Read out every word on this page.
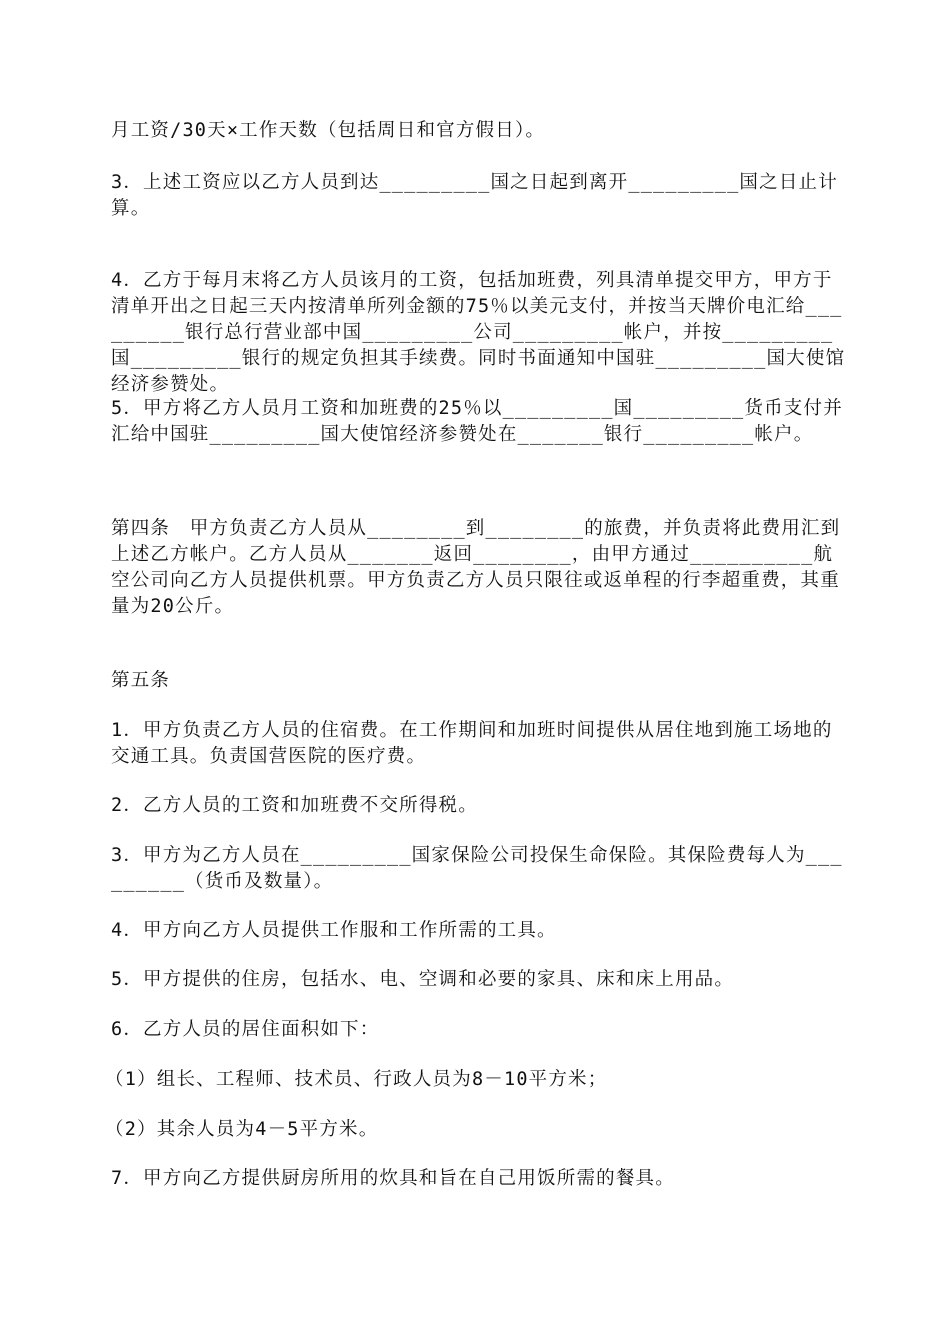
月工资/30天×工作天数（包括周日和官方假日）。

3．上述工资应以乙方人员到达_________国之日起到离开_________国之日止计算。

4．乙方于每月末将乙方人员该月的工资，包括加班费，列具清单提交甲方，甲方于清单开出之日起三天内按清单所列金额的75％以美元支付，并按当天牌价电汇给_________银行总行营业部中国_________公司_________帐户，并按_________国_________银行的规定负担其手续费。同时书面通知中国驻_________国大使馆经济参赞处。

5．甲方将乙方人员月工资和加班费的25％以_________国_________货币支付并汇给中国驻_________国大使馆经济参赞处在_______银行_________帐户。

第四条　甲方负责乙方人员从________到________的旅费，并负责将此费用汇到上述乙方帐户。乙方人员从_______返回________，由甲方通过__________航空公司向乙方人员提供机票。甲方负责乙方人员只限往或返单程的行李超重费，其重量为20公斤。

第五条

1．甲方负责乙方人员的住宿费。在工作期间和加班时间提供从居住地到施工场地的交通工具。负责国营医院的医疗费。

2．乙方人员的工资和加班费不交所得税。

3．甲方为乙方人员在_________国家保险公司投保生命保险。其保险费每人为_________（货币及数量）。

4．甲方向乙方人员提供工作服和工作所需的工具。

5．甲方提供的住房，包括水、电、空调和必要的家具、床和床上用品。

6．乙方人员的居住面积如下：

（1）组长、工程师、技术员、行政人员为8－10平方米；

（2）其余人员为4－5平方米。

7．甲方向乙方提供厨房所用的炊具和旨在自己用饭所需的餐具。
